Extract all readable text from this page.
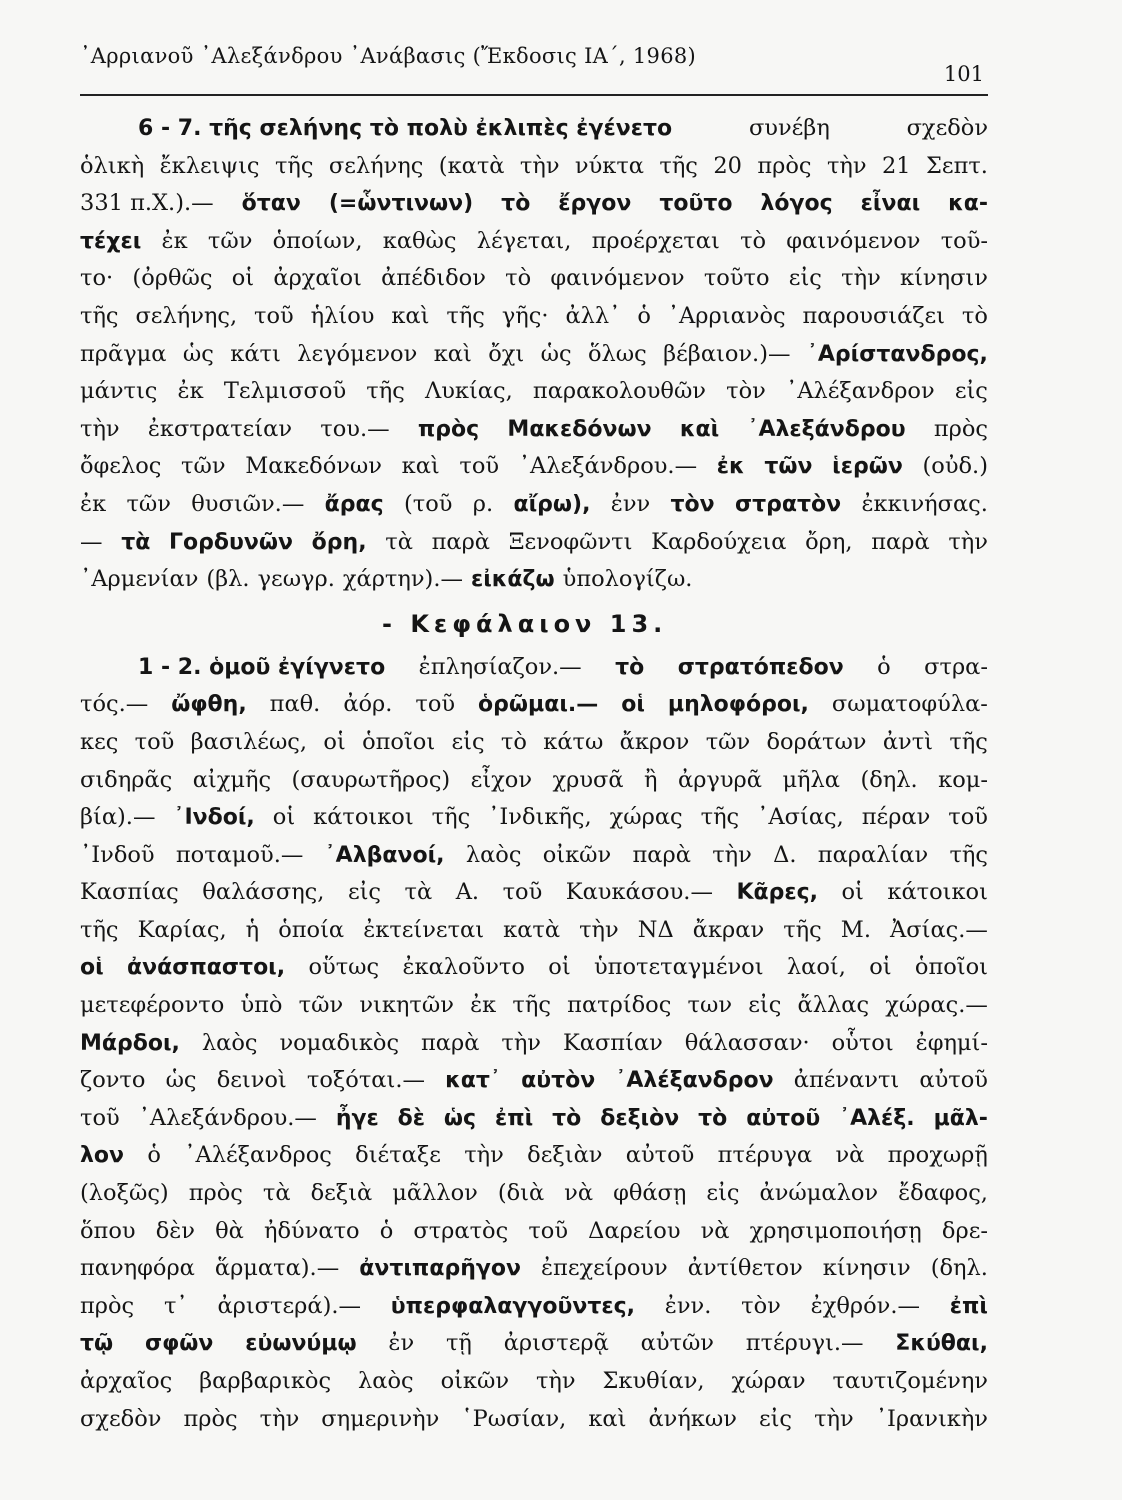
᾿Αρριανοῦ ᾿Αλεξάνδρου ᾿Ανάβασις (Ἔκδοσις ΙΑ΄, 1968)
101
6 - 7. τῆς σελήνης τὸ πολὺ ἐκλιπὲς ἐγένετο	συνέβη	σχεδὸν
ὁλικὴ ἔκλειψις τῆς σελήνης (κατὰ τὴν νύκτα τῆς 20 πρὸς τὴν 21 Σεπτ.
331 π.Χ.).— ὅταν (=ὧντινων) τὸ ἔργον τοῦτο λόγος εἶναι κα-
τέχει ἐκ τῶν ὁποίων, καθὼς λέγεται, προέρχεται τὸ φαινόμενον τοῦ-
το· (ὀρθῶς οἱ ἀρχαῖοι ἀπέδιδον τὸ φαινόμενον τοῦτο εἰς τὴν κίνησιν
τῆς σελήνης, τοῦ ἡλίου καὶ τῆς γῆς· ἀλλ᾿ ὁ ᾿Αρριανὸς παρουσιάζει τὸ
πρᾶγμα ὡς κάτι λεγόμενον καὶ ὄχι ὡς ὅλως βέβαιον.)— ᾿Αρίστανδρος,
μάντις ἐκ Τελμισσοῦ τῆς Λυκίας, παρακολουθῶν τὸν ᾿Αλέξανδρον εἰς
τὴν ἐκστρατείαν του.— πρὸς Μακεδόνων καὶ ᾿Αλεξάνδρου πρὸς
ὄφελος τῶν Μακεδόνων καὶ τοῦ ᾿Αλεξάνδρου.— ἐκ τῶν ἱερῶν (οὐδ.)
ἐκ τῶν θυσιῶν.— ἄρας (τοῦ ρ. αἴρω), ἐνν τὸν στρατὸν ἐκκινήσας.
— τὰ Γορδυνῶν ὄρη, τὰ παρὰ Ξενοφῶντι Καρδούχεια ὄρη, παρὰ τὴν
᾿Αρμενίαν (βλ. γεωγρ. χάρτην).— εἰκάζω ὑπολογίζω.
- Κεφάλαιον 13.
1 - 2. ὁμοῦ ἐγίγνετο ἐπλησίαζον.— τὸ στρατόπεδον ὁ στρα-
τός.— ὤφθη, παθ. ἀόρ. τοῦ ὁρῶμαι.— οἱ μηλοφόροι, σωματοφύλα-
κες τοῦ βασιλέως, οἱ ὁποῖοι εἰς τὸ κάτω ἄκρον τῶν δοράτων ἀντὶ τῆς
σιδηρᾶς αἰχμῆς (σαυρωτῆρος) εἶχον χρυσᾶ ἢ ἀργυρᾶ μῆλα (δηλ. κομ-
βία).— ᾿Ινδοί, οἱ κάτοικοι τῆς ᾿Ινδικῆς, χώρας τῆς ᾿Ασίας, πέραν τοῦ
᾿Ινδοῦ ποταμοῦ.— ᾿Αλβανοί, λαὸς οἰκῶν παρὰ τὴν Δ. παραλίαν τῆς
Κασπίας θαλάσσης, εἰς τὰ Α. τοῦ Καυκάσου.— Κᾶρες, οἱ κάτοικοι
τῆς Καρίας, ἡ ὁποία ἐκτείνεται κατὰ τὴν ΝΔ ἄκραν τῆς Μ. Ἀσίας.—
οἱ ἀνάσπαστοι, οὕτως ἐκαλοῦντο οἱ ὑποτεταγμένοι λαοί, οἱ ὁποῖοι
μετεφέροντο ὑπὸ τῶν νικητῶν ἐκ τῆς πατρίδος των εἰς ἄλλας χώρας.—
Μάρδοι, λαὸς νομαδικὸς παρὰ τὴν Κασπίαν θάλασσαν· οὗτοι ἐφημί-
ζοντο ὡς δεινοὶ τοξόται.— κατ᾿ αὐτὸν ᾿Αλέξανδρον ἀπέναντι αὐτοῦ
τοῦ ᾿Αλεξάνδρου.— ἦγε δὲ ὡς ἐπὶ τὸ δεξιὸν τὸ αὐτοῦ ᾿Αλέξ. μᾶλ-
λον ὁ ᾿Αλέξανδρος διέταξε τὴν δεξιὰν αὐτοῦ πτέρυγα νὰ προχωρῇ
(λοξῶς) πρὸς τὰ δεξιὰ μᾶλλον (διὰ νὰ φθάσῃ εἰς ἀνώμαλον ἔδαφος,
ὅπου δὲν θὰ ἠδύνατο ὁ στρατὸς τοῦ Δαρείου νὰ χρησιμοποιήσῃ δρε-
πανηφόρα ἅρματα).— ἀντιπαρῆγον ἐπεχείρουν ἀντίθετον κίνησιν (δηλ.
πρὸς τ᾿ ἀριστερά).— ὑπερφαλαγγοῦντες, ἐνν. τὸν ἐχθρόν.— ἐπὶ
τῷ σφῶν εὐωνύμῳ ἐν τῇ ἀριστερᾷ αὐτῶν πτέρυγι.— Σκύθαι,
ἀρχαῖος βαρβαρικὸς λαὸς οἰκῶν τὴν Σκυθίαν, χώραν ταυτιζομένην
σχεδὸν πρὸς τὴν σημερινὴν ῾Ρωσίαν, καὶ ἀνήκων εἰς τὴν ᾿Ιρανικὴν
